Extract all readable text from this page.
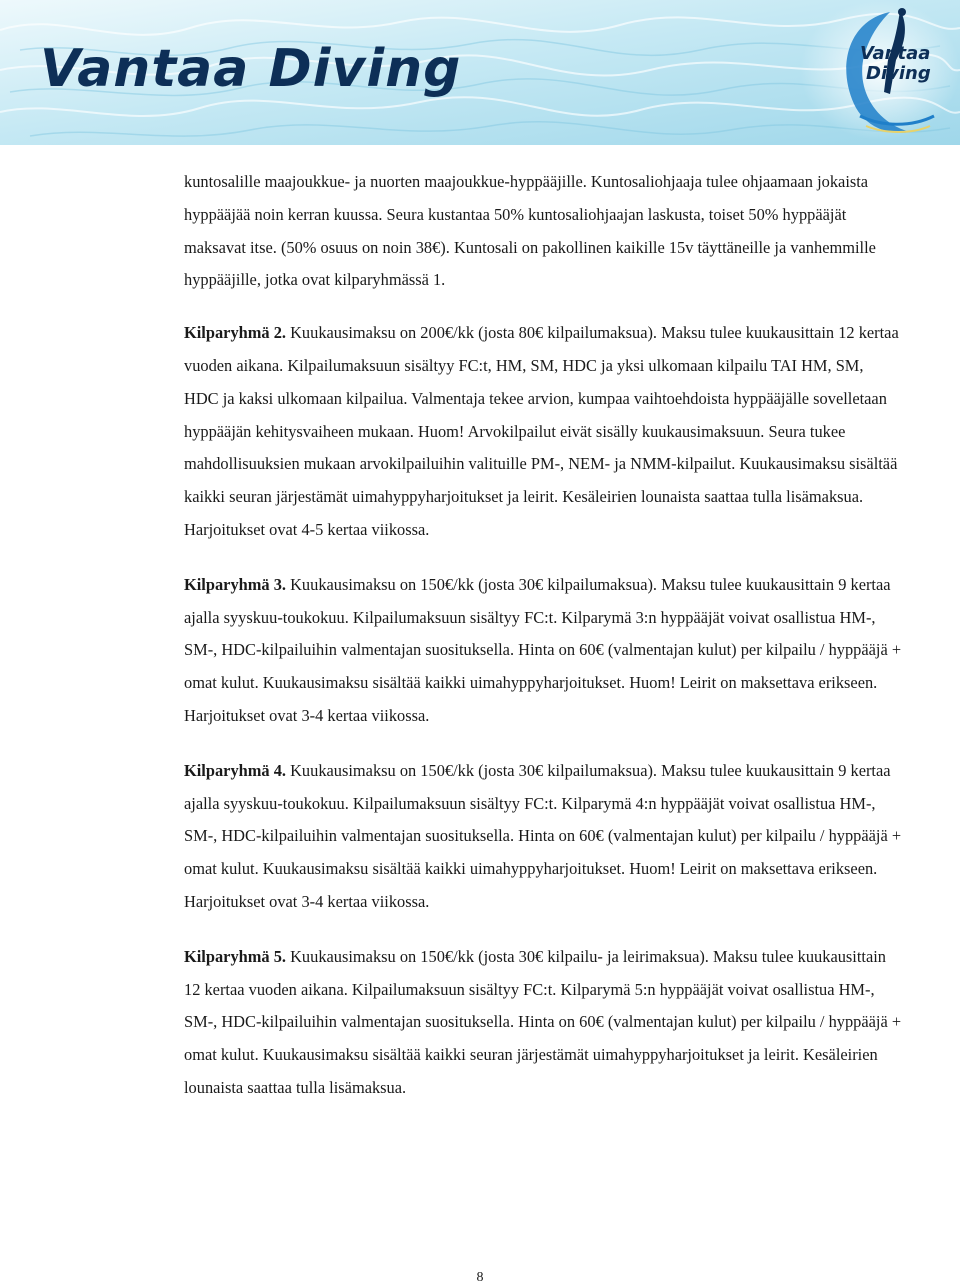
Vantaa Diving	Vantaa
Diving

kuntosalille maajoukkue- ja nuorten maajoukkue-hyppääjille. Kuntosaliohjaaja tulee ohjaamaan jokaista hyppääjää noin kerran kuussa. Seura kustantaa 50% kuntosaliohjaajan laskusta, toiset 50% hyppääjät maksavat itse. (50% osuus on noin 38€). Kuntosali on pakollinen kaikille 15v täyttäneille ja vanhemmille hyppääjille, jotka ovat kilparyhmässä 1.

Kilparyhmä 2. Kuukausimaksu on 200€/kk (josta 80€ kilpailumaksua). Maksu tulee kuukausittain 12 kertaa vuoden aikana. Kilpailumaksuun sisältyy FC:t, HM, SM, HDC ja yksi ulkomaan kilpailu TAI HM, SM, HDC ja kaksi ulkomaan kilpailua. Valmentaja tekee arvion, kumpaa vaihtoehdoista hyppääjälle sovelletaan hyppääjän kehitysvaiheen mukaan. Huom! Arvokilpailut eivät sisälly kuukausimaksuun. Seura tukee mahdollisuuksien mukaan arvokilpailuihin valituille PM-, NEM- ja NMM-kilpailut. Kuukausimaksu sisältää kaikki seuran järjestämät uimahyppyharjoitukset ja leirit. Kesäleirien lounaista saattaa tulla lisämaksua. Harjoitukset ovat 4-5 kertaa viikossa.

Kilparyhmä 3. Kuukausimaksu on 150€/kk (josta 30€ kilpailumaksua). Maksu tulee kuukausittain 9 kertaa ajalla syyskuu-toukokuu. Kilpailumaksuun sisältyy FC:t. Kilparymä 3:n hyppääjät voivat osallistua HM-, SM-, HDC-kilpailuihin valmentajan suosituksella. Hinta on 60€ (valmentajan kulut) per kilpailu / hyppääjä + omat kulut. Kuukausimaksu sisältää kaikki uimahyppyharjoitukset. Huom! Leirit on maksettava erikseen. Harjoitukset ovat 3-4 kertaa viikossa.

Kilparyhmä 4. Kuukausimaksu on 150€/kk (josta 30€ kilpailumaksua). Maksu tulee kuukausittain 9 kertaa ajalla syyskuu-toukokuu. Kilpailumaksuun sisältyy FC:t. Kilparymä 4:n hyppääjät voivat osallistua HM-, SM-, HDC-kilpailuihin valmentajan suosituksella. Hinta on 60€ (valmentajan kulut) per kilpailu / hyppääjä + omat kulut. Kuukausimaksu sisältää kaikki uimahyppyharjoitukset. Huom! Leirit on maksettava erikseen. Harjoitukset ovat 3-4 kertaa viikossa.

Kilparyhmä 5. Kuukausimaksu on 150€/kk (josta 30€ kilpailu- ja leirimaksua). Maksu tulee kuukausittain 12 kertaa vuoden aikana. Kilpailumaksuun sisältyy FC:t. Kilparymä 5:n hyppääjät voivat osallistua HM-, SM-, HDC-kilpailuihin valmentajan suosituksella. Hinta on 60€ (valmentajan kulut) per kilpailu / hyppääjä + omat kulut. Kuukausimaksu sisältää kaikki seuran järjestämät uimahyppyharjoitukset ja leirit. Kesäleirien lounaista saattaa tulla lisämaksua.

8
